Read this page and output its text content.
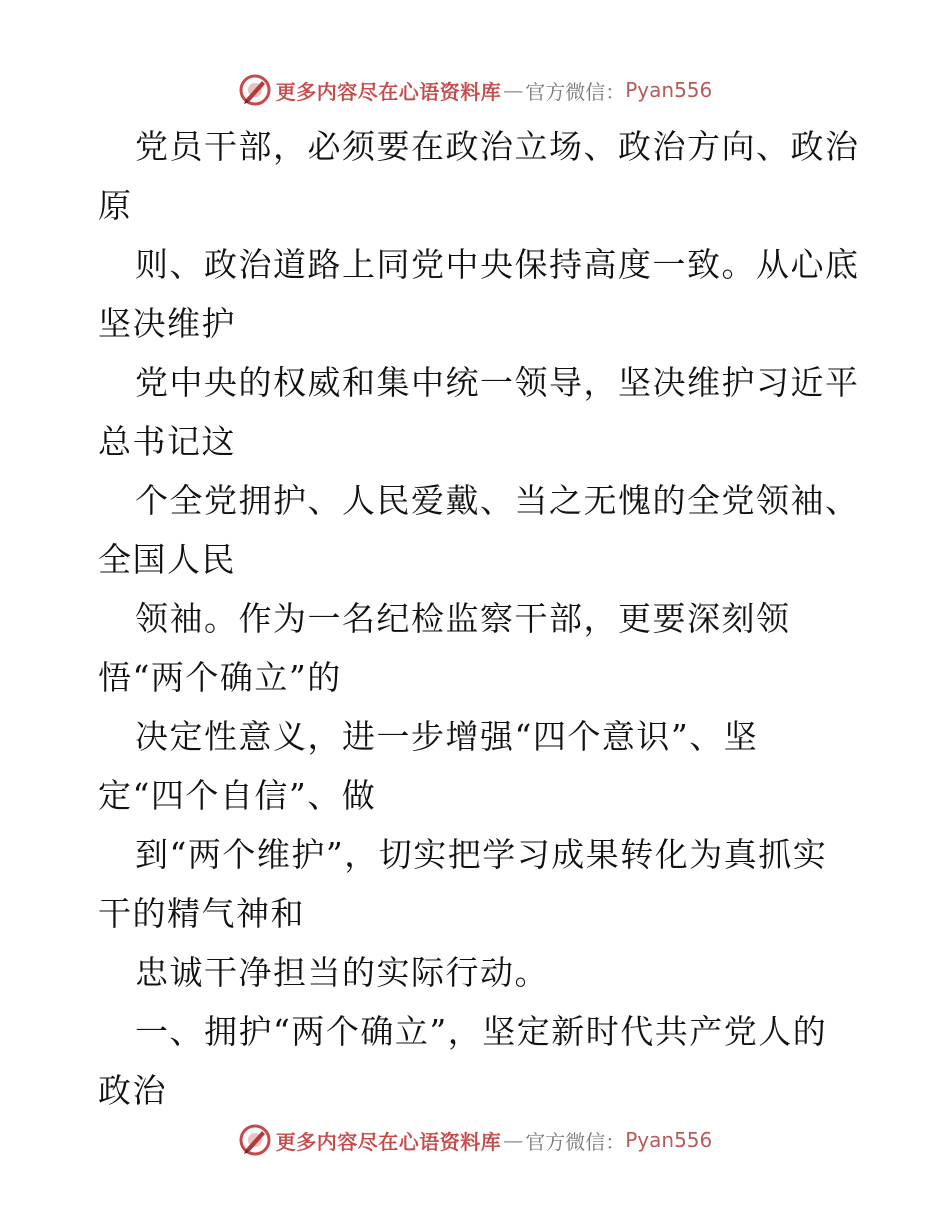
更多内容尽在心语资料库 — 官方微信： Pyan556
党员干部，必须要在政治立场、政治方向、政治
原
则、政治道路上同党中央保持高度一致。从心底
坚决维护
党中央的权威和集中统一领导，坚决维护习近平
总书记这
个全党拥护、人民爱戴、当之无愧的全党领袖、
全国人民
领袖。作为一名纪检监察干部，更要深刻领
悟“两个确立”的
决定性意义，进一步增强“四个意识”、坚
定“四个自信”、做
到“两个维护”，切实把学习成果转化为真抓实
干的精气神和
忠诚干净担当的实际行动。
一、拥护“两个确立”，坚定新时代共产党人的
政治
更多内容尽在心语资料库 — 官方微信： Pyan556
